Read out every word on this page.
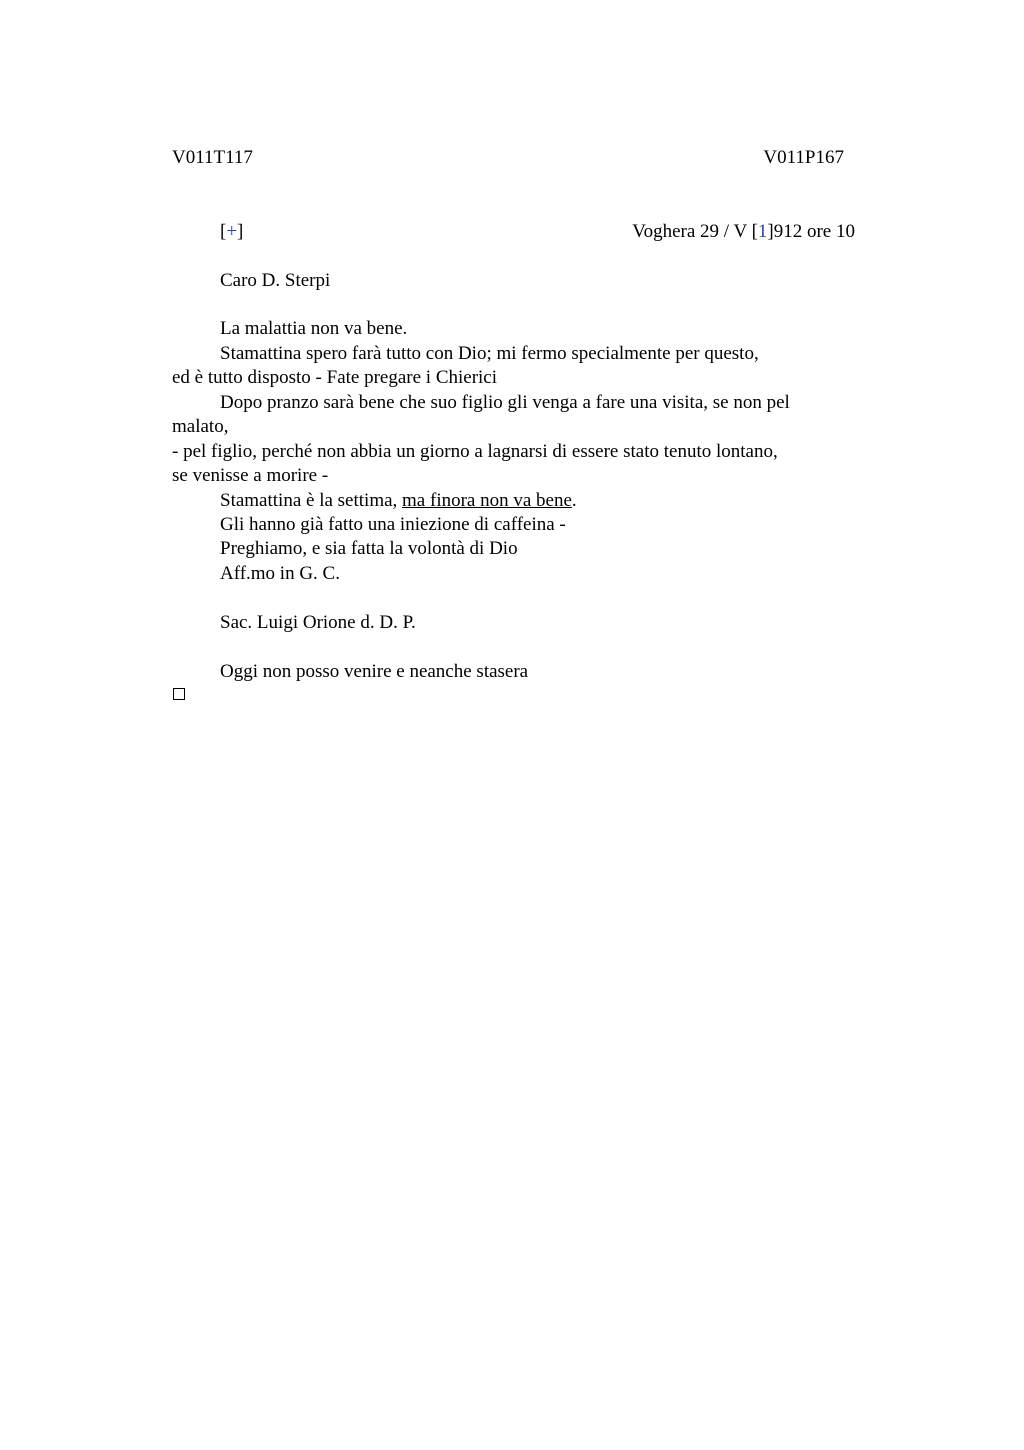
V011T117	V011P167
[+]	Voghera 29 / V [1]912 ore 10
Caro D. Sterpi
La malattia non va bene.
Stamattina spero farà tutto con Dio; mi fermo specialmente per questo,
ed è tutto disposto - Fate pregare i Chierici
Dopo pranzo sarà bene che suo figlio gli venga a fare una visita, se non pel
malato,
- pel figlio, perché non abbia un giorno a lagnarsi di essere stato tenuto lontano,
se venisse a morire -
Stamattina è la settima, ma finora non va bene.
Gli hanno già fatto una iniezione di caffeina -
Preghiamo, e sia fatta la volontà di Dio
Aff.mo in G. C.
Sac. Luigi Orione d. D. P.
Oggi non posso venire e neanche stasera
